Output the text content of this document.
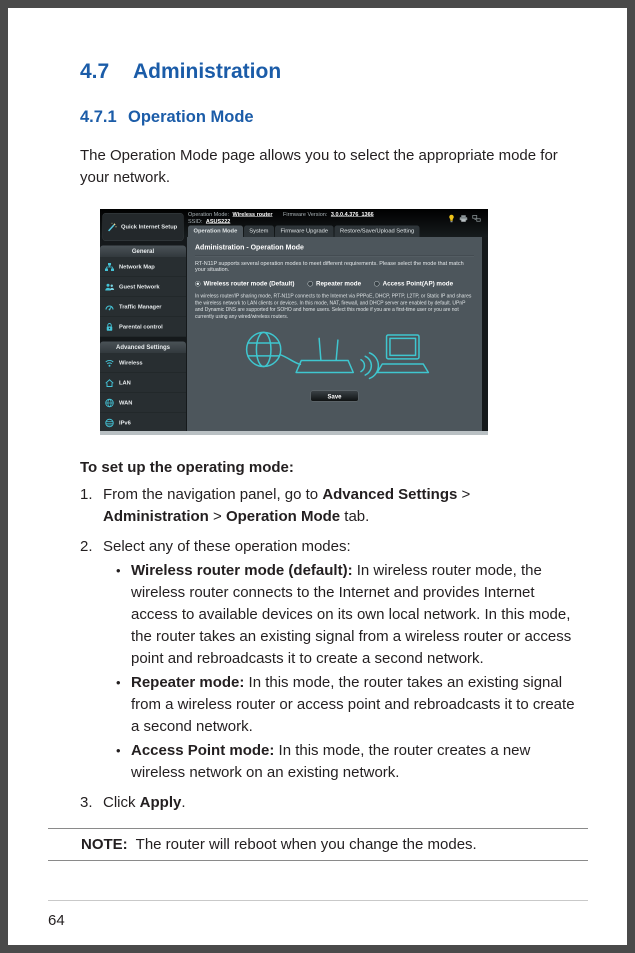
4.7	Administration
4.7.1 Operation Mode

The Operation Mode page allows you to select the appropriate mode for your network.

Operation Mode: Wireless router Firmware Version: 3.0.0.4.376_1366
SSID: ASUS222
Operation Mode	System	Firmware Upgrade	Restore/Save/Upload Setting
Quick Internet Setup
General
Network Map
Guest Network
Traffic Manager
Parental control
Advanced Settings
Wireless
LAN
WAN
IPv6
Administration - Operation Mode
RT-N11P supports several operation modes to meet different requirements. Please select the mode that match your situation.
Wireless router mode (Default) Repeater mode Access Point(AP) mode
In wireless router/IP sharing mode, RT-N11P connects to the Internet via PPPoE, DHCP, PPTP, L2TP, or Static IP and shares the wireless network to LAN clients or devices. In this mode, NAT, firewall, and DHCP server are enabled by default. UPnP and Dynamic DNS are supported for SOHO and home users. Select this mode if you are a first-time user or you are not currently using any wired/wireless routers.
Save

To set up the operating mode:

1. From the navigation panel, go to Advanced Settings > Administration > Operation Mode tab.
2. Select any of these operation modes:
• Wireless router mode (default): In wireless router mode, the wireless router connects to the Internet and provides Internet access to available devices on its own local network. In this mode, the router takes an existing signal from a wireless router or access point and rebroadcasts it to create a second network.
• Repeater mode: In this mode, the router takes an existing signal from a wireless router or access point and rebroadcasts it to create a second network.
• Access Point mode: In this mode, the router creates a new wireless network on an existing network.
3. Click Apply.
NOTE: The router will reboot when you change the modes.
64
